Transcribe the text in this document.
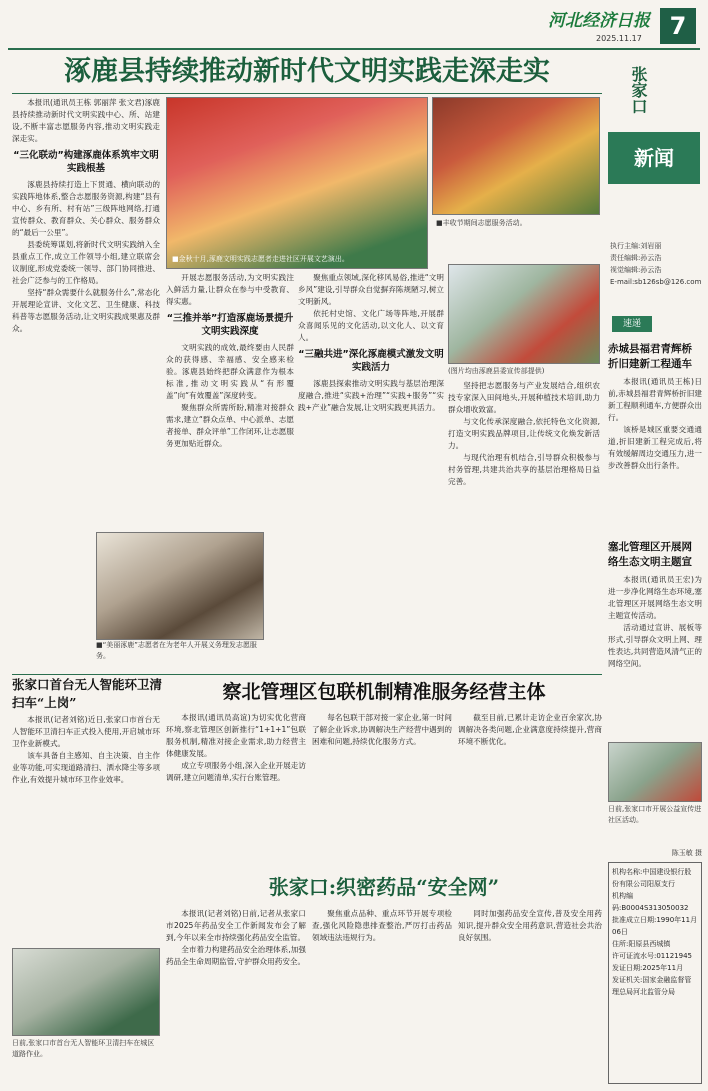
河北经济日报
2025.11.17	7
涿鹿县持续推动新时代文明实践走深走实

本报讯(通讯员王栋 郭丽萍 张文君)涿鹿县持续推动新时代文明实践中心、所、站建设,不断丰富志愿服务内容,推动文明实践走深走实。

“三化联动”构建涿鹿体系筑牢文明实践根基

涿鹿县持续打造上下贯通、横向联动的实践阵地体系,整合志愿服务资源,构建“县有中心、乡有所、村有站”三级阵地网络,打通宣传群众、教育群众、关心群众、服务群众的“最后一公里”。

县委统筹谋划,将新时代文明实践纳入全县重点工作,成立工作领导小组,建立联席会议制度,形成党委统一领导、部门协同推进、社会广泛参与的工作格局。

坚持“群众需要什么就服务什么”,常态化开展理论宣讲、文化文艺、卫生健康、科技科普等志愿服务活动,让文明实践成果惠及群众。

■金秋十月,涿鹿文明实践志愿者走进社区开展文艺演出。
■丰收节期间志愿服务活动。

开展志愿服务活动,为文明实践注入鲜活力量,让群众在参与中受教育、得实惠。

“三推并举”打造涿鹿场景提升文明实践深度

文明实践的成效,最终要由人民群众的获得感、幸福感、安全感来检验。涿鹿县始终把群众满意作为根本标准,推动文明实践从“有形覆盖”向“有效覆盖”深度转变。

聚焦群众所需所盼,精准对接群众需求,建立“群众点单、中心派单、志愿者接单、群众评单”工作闭环,让志愿服务更加贴近群众。

聚焦重点领域,深化移风易俗,推进“文明乡风”建设,引导群众自觉摒弃陈规陋习,树立文明新风。

依托村史馆、文化广场等阵地,开展群众喜闻乐见的文化活动,以文化人、以文育人。

“三融共进”深化涿鹿模式激发文明实践活力

涿鹿县探索推动文明实践与基层治理深度融合,推进“实践+治理”“实践+服务”“实践+产业”融合发展,让文明实践更具活力。

(图片均由涿鹿县委宣传部提供)

坚持把志愿服务与产业发展结合,组织农技专家深入田间地头,开展种植技术培训,助力群众增收致富。

与文化传承深度融合,依托特色文化资源,打造文明实践品牌项目,让传统文化焕发新活力。

与现代治理有机结合,引导群众积极参与村务管理,共建共治共享的基层治理格局日益完善。

■“美丽涿鹿”志愿者在为老年人开展义务理发志愿服务。
张家口
新闻
执行主编:刘岩丽
责任编辑:孙云浩
视觉编辑:孙云浩
E-mail:sb126sb@126.com
速递
赤城县福君青辉桥折旧建新工程通车

本报讯(通讯员王栋)日前,赤城县福君青辉桥折旧建新工程顺利通车,方便群众出行。

该桥是城区重要交通通道,折旧建新工程完成后,将有效缓解周边交通压力,进一步改善群众出行条件。

塞北管理区开展网络生态文明主题宣

本报讯(通讯员王宏)为进一步净化网络生态环境,塞北管理区开展网络生态文明主题宣传活动。

活动通过宣讲、展板等形式,引导群众文明上网、理性表达,共同营造风清气正的网络空间。

张家口首台无人智能环卫清扫车“上岗”

本报讯(记者刘铭)近日,张家口市首台无人智能环卫清扫车正式投入使用,开启城市环卫作业新模式。

该车具备自主感知、自主决策、自主作业等功能,可实现道路清扫、洒水降尘等多项作业,有效提升城市环卫作业效率。

日前,张家口市首台无人智能环卫清扫车在城区道路作业。
察北管理区包联机制精准服务经营主体

本报讯(通讯员高谊)为切实优化营商环境,察北管理区创新推行“1+1+1”包联服务机制,精准对接企业需求,助力经营主体健康发展。

成立专项服务小组,深入企业开展走访调研,建立问题清单,实行台账管理。

每名包联干部对接一家企业,第一时间了解企业诉求,协调解决生产经营中遇到的困难和问题,持续优化服务方式。

截至目前,已累计走访企业百余家次,协调解决各类问题,企业满意度持续提升,营商环境不断优化。

张家口:织密药品“安全网”

本报讯(记者刘铭)日前,记者从张家口市2025年药品安全工作新闻发布会了解到,今年以来全市持续强化药品安全监管。

全市着力构建药品安全治理体系,加强药品全生命周期监管,守护群众用药安全。

聚焦重点品种、重点环节开展专项检查,强化风险隐患排查整治,严厉打击药品领域违法违规行为。

同时加强药品安全宣传,普及安全用药知识,提升群众安全用药意识,营造社会共治良好氛围。

日前,张家口市开展公益宣传进社区活动。
陈玉敏 摄
机构名称:中国建设银行股份有限公司阳原支行
机构编码:B0004S313050032
批准成立日期:1990年11月06日
住所:阳原县西城镇
许可证流水号:01121945
发证日期:2025年11月
发证机关:国家金融监督管理总局河北监管分局
